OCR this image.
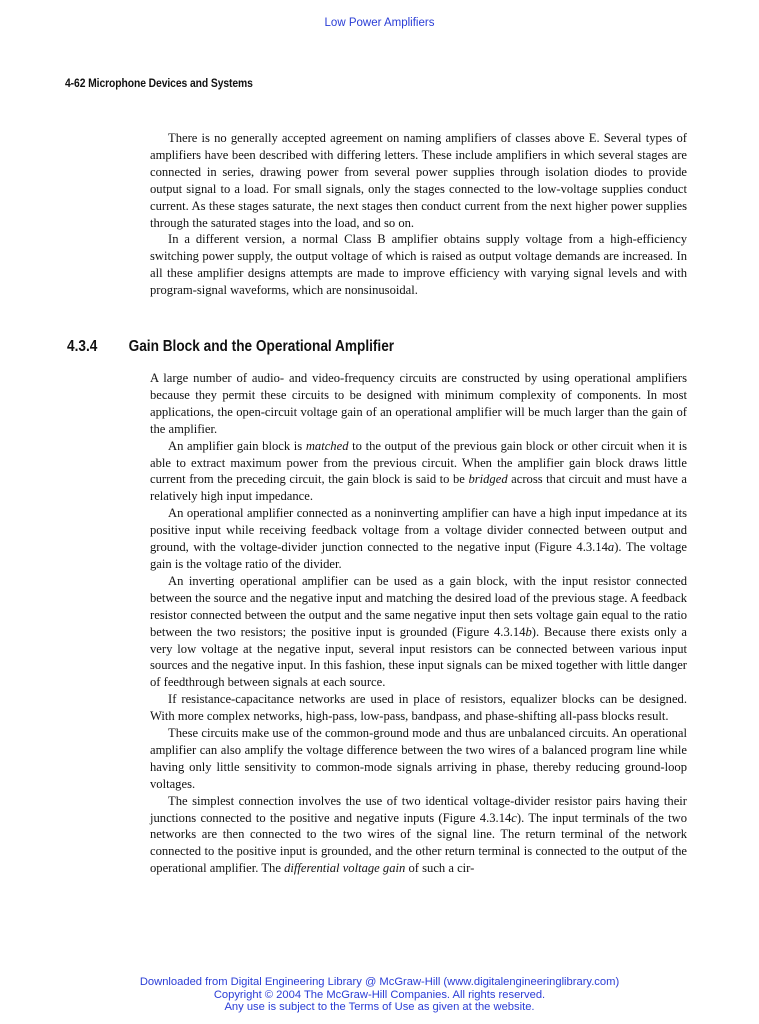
Low Power Amplifiers
4-62 Microphone Devices and Systems

There is no generally accepted agreement on naming amplifiers of classes above E. Several types of amplifiers have been described with differing letters. These include amplifiers in which several stages are connected in series, drawing power from several power supplies through isolation diodes to provide output signal to a load. For small signals, only the stages connected to the low-voltage supplies conduct current. As these stages saturate, the next stages then conduct current from the next higher power supplies through the saturated stages into the load, and so on.

In a different version, a normal Class B amplifier obtains supply voltage from a high-efficiency switching power supply, the output voltage of which is raised as output voltage demands are increased. In all these amplifier designs attempts are made to improve efficiency with varying signal levels and with program-signal waveforms, which are nonsinusoidal.

4.3.4 Gain Block and the Operational Amplifier

A large number of audio- and video-frequency circuits are constructed by using operational amplifiers because they permit these circuits to be designed with minimum complexity of components. In most applications, the open-circuit voltage gain of an operational amplifier will be much larger than the gain of the amplifier.

An amplifier gain block is matched to the output of the previous gain block or other circuit when it is able to extract maximum power from the previous circuit. When the amplifier gain block draws little current from the preceding circuit, the gain block is said to be bridged across that circuit and must have a relatively high input impedance.

An operational amplifier connected as a noninverting amplifier can have a high input impedance at its positive input while receiving feedback voltage from a voltage divider connected between output and ground, with the voltage-divider junction connected to the negative input (Figure 4.3.14a). The voltage gain is the voltage ratio of the divider.

An inverting operational amplifier can be used as a gain block, with the input resistor connected between the source and the negative input and matching the desired load of the previous stage. A feedback resistor connected between the output and the same negative input then sets voltage gain equal to the ratio between the two resistors; the positive input is grounded (Figure 4.3.14b). Because there exists only a very low voltage at the negative input, several input resistors can be connected between various input sources and the negative input. In this fashion, these input signals can be mixed together with little danger of feedthrough between signals at each source.

If resistance-capacitance networks are used in place of resistors, equalizer blocks can be designed. With more complex networks, high-pass, low-pass, bandpass, and phase-shifting all-pass blocks result.

These circuits make use of the common-ground mode and thus are unbalanced circuits. An operational amplifier can also amplify the voltage difference between the two wires of a balanced program line while having only little sensitivity to common-mode signals arriving in phase, thereby reducing ground-loop voltages.

The simplest connection involves the use of two identical voltage-divider resistor pairs having their junctions connected to the positive and negative inputs (Figure 4.3.14c). The input terminals of the two networks are then connected to the two wires of the signal line. The return terminal of the network connected to the positive input is grounded, and the other return terminal is connected to the output of the operational amplifier. The differential voltage gain of such a cir-

Downloaded from Digital Engineering Library @ McGraw-Hill (www.digitalengineeringlibrary.com)
Copyright © 2004 The McGraw-Hill Companies. All rights reserved.
Any use is subject to the Terms of Use as given at the website.
